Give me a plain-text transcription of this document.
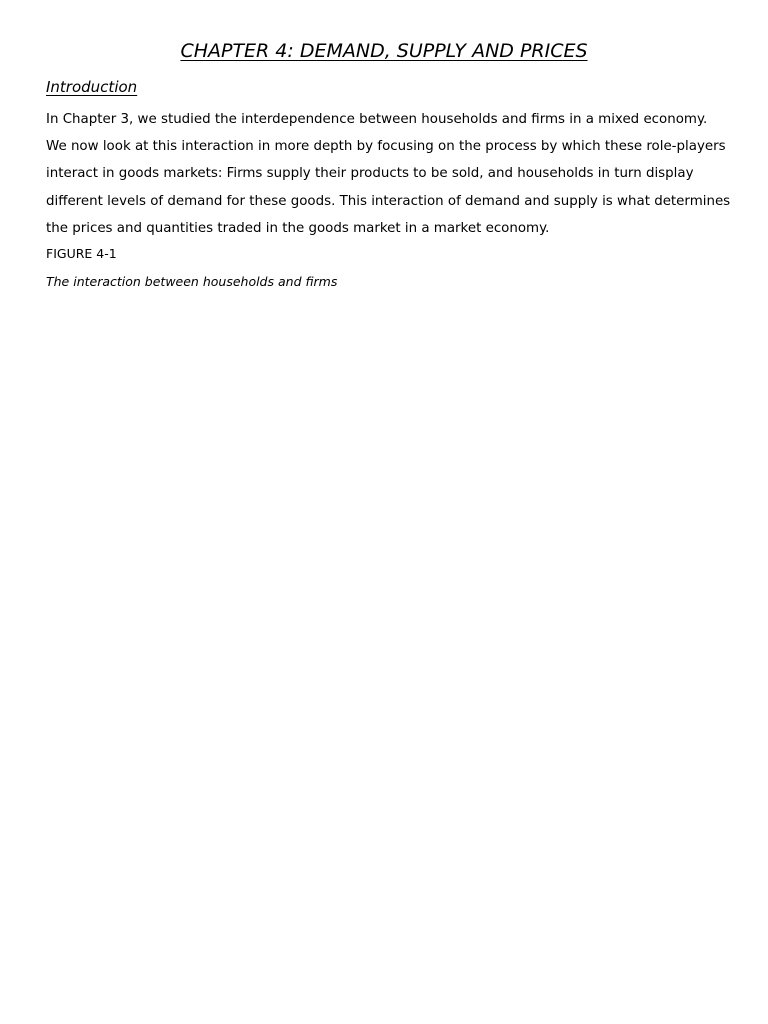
CHAPTER 4: DEMAND, SUPPLY AND PRICES
Introduction

In Chapter 3, we studied the interdependence between households and firms in a mixed economy.
We now look at this interaction in more depth by focusing on the process by which these role-players
interact in goods markets: Firms supply their products to be sold, and households in turn display
different levels of demand for these goods. This interaction of demand and supply is what determines
the prices and quantities traded in the goods market in a market economy.

FIGURE 4-1
The interaction between households and firms
